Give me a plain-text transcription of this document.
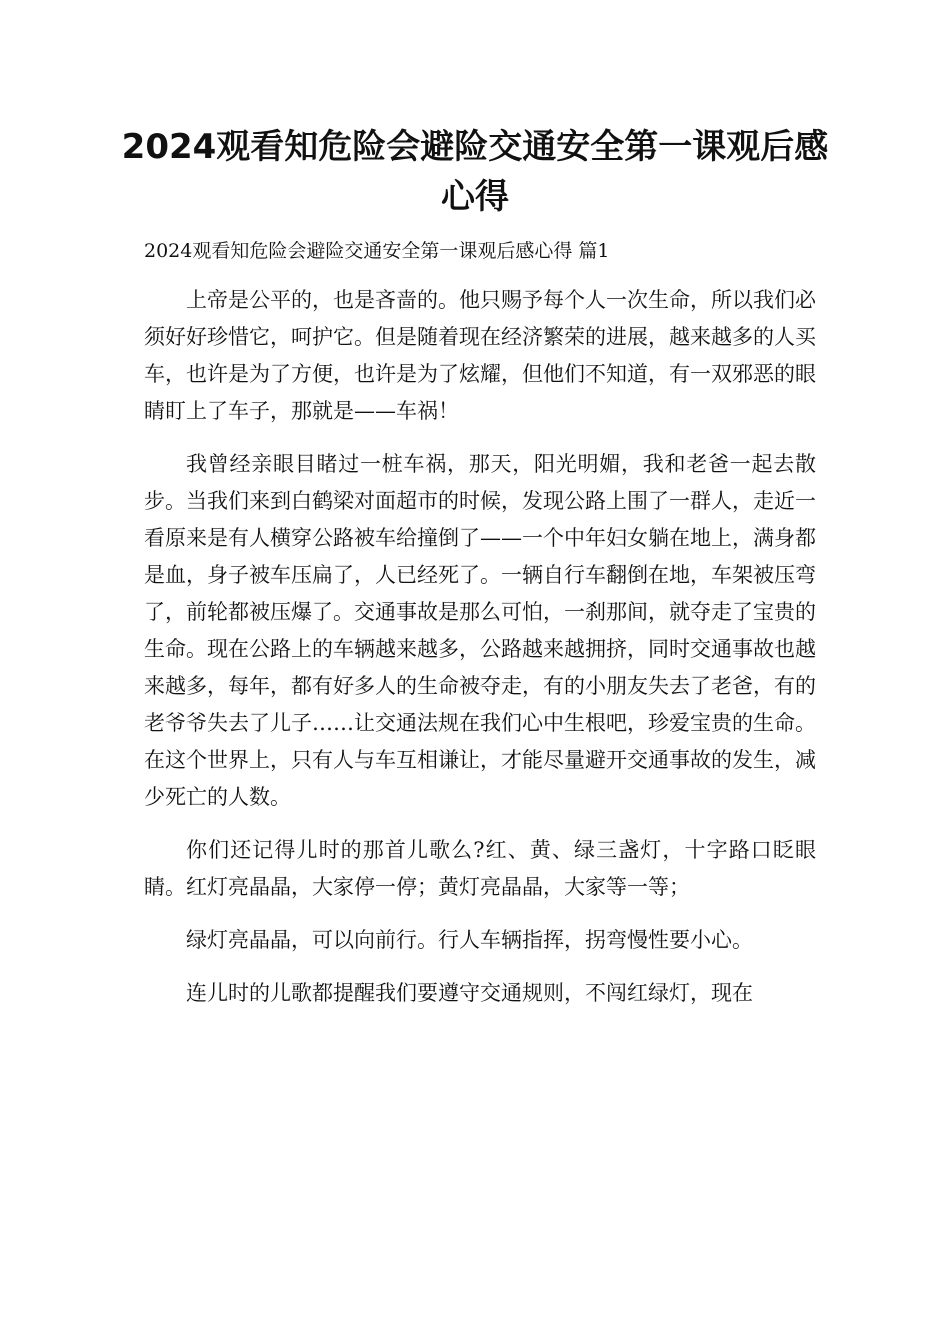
2024观看知危险会避险交通安全第一课观后感心得

2024观看知危险会避险交通安全第一课观后感心得 篇1

上帝是公平的，也是吝啬的。他只赐予每个人一次生命，所以我们必须好好珍惜它，呵护它。但是随着现在经济繁荣的进展，越来越多的人买车，也许是为了方便，也许是为了炫耀，但他们不知道，有一双邪恶的眼睛盯上了车子，那就是——车祸！

我曾经亲眼目睹过一桩车祸，那天，阳光明媚，我和老爸一起去散步。当我们来到白鹤梁对面超市的时候，发现公路上围了一群人，走近一看原来是有人横穿公路被车给撞倒了——一个中年妇女躺在地上，满身都是血，身子被车压扁了，人已经死了。一辆自行车翻倒在地，车架被压弯了，前轮都被压爆了。交通事故是那么可怕，一刹那间，就夺走了宝贵的生命。现在公路上的车辆越来越多，公路越来越拥挤，同时交通事故也越来越多，每年，都有好多人的生命被夺走，有的小朋友失去了老爸，有的老爷爷失去了儿子……让交通法规在我们心中生根吧，珍爱宝贵的生命。在这个世界上，只有人与车互相谦让，才能尽量避开交通事故的发生，减少死亡的人数。

你们还记得儿时的那首儿歌么?红、黄、绿三盏灯，十字路口眨眼睛。红灯亮晶晶，大家停一停；黄灯亮晶晶，大家等一等；

绿灯亮晶晶，可以向前行。行人车辆指挥，拐弯慢性要小心。

连儿时的儿歌都提醒我们要遵守交通规则，不闯红绿灯，现在
